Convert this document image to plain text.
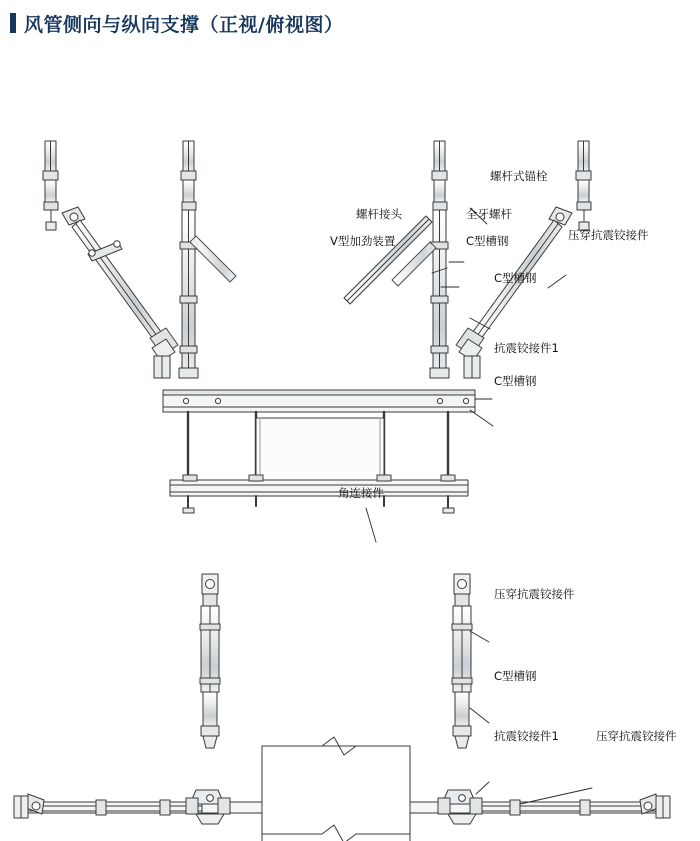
风管侧向与纵向支撑（正视/俯视图）
螺杆式锚栓
螺杆接头	全牙螺杆
V型加劲装置	C型槽钢	压穿抗震铰接件
C型槽钢
抗震铰接件1
C型槽钢
角连接件
压穿抗震铰接件
C型槽钢
抗震铰接件1	压穿抗震铰接件
